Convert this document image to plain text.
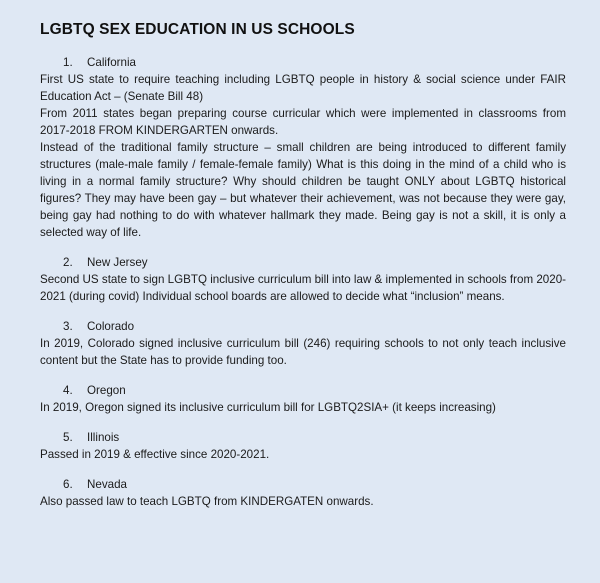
LGBTQ SEX EDUCATION IN US SCHOOLS
1. California

First US state to require teaching including LGBTQ people in history & social science under FAIR Education Act – (Senate Bill 48)

From 2011 states began preparing course curricular which were implemented in classrooms from 2017-2018 FROM KINDERGARTEN onwards.

Instead of the traditional family structure – small children are being introduced to different family structures (male-male family / female-female family) What is this doing in the mind of a child who is living in a normal family structure? Why should children be taught ONLY about LGBTQ historical figures? They may have been gay – but whatever their achievement, was not because they were gay, being gay had nothing to do with whatever hallmark they made. Being gay is not a skill, it is only a selected way of life.

2. New Jersey

Second US state to sign LGBTQ inclusive curriculum bill into law & implemented in schools from 2020-2021 (during covid) Individual school boards are allowed to decide what “inclusion” means.

3. Colorado

In 2019, Colorado signed inclusive curriculum bill (246) requiring schools to not only teach inclusive content but the State has to provide funding too.

4. Oregon

In 2019, Oregon signed its inclusive curriculum bill for LGBTQ2SIA+ (it keeps increasing)

5. Illinois

Passed in 2019 & effective since 2020-2021.

6. Nevada

Also passed law to teach LGBTQ from KINDERGATEN onwards.
